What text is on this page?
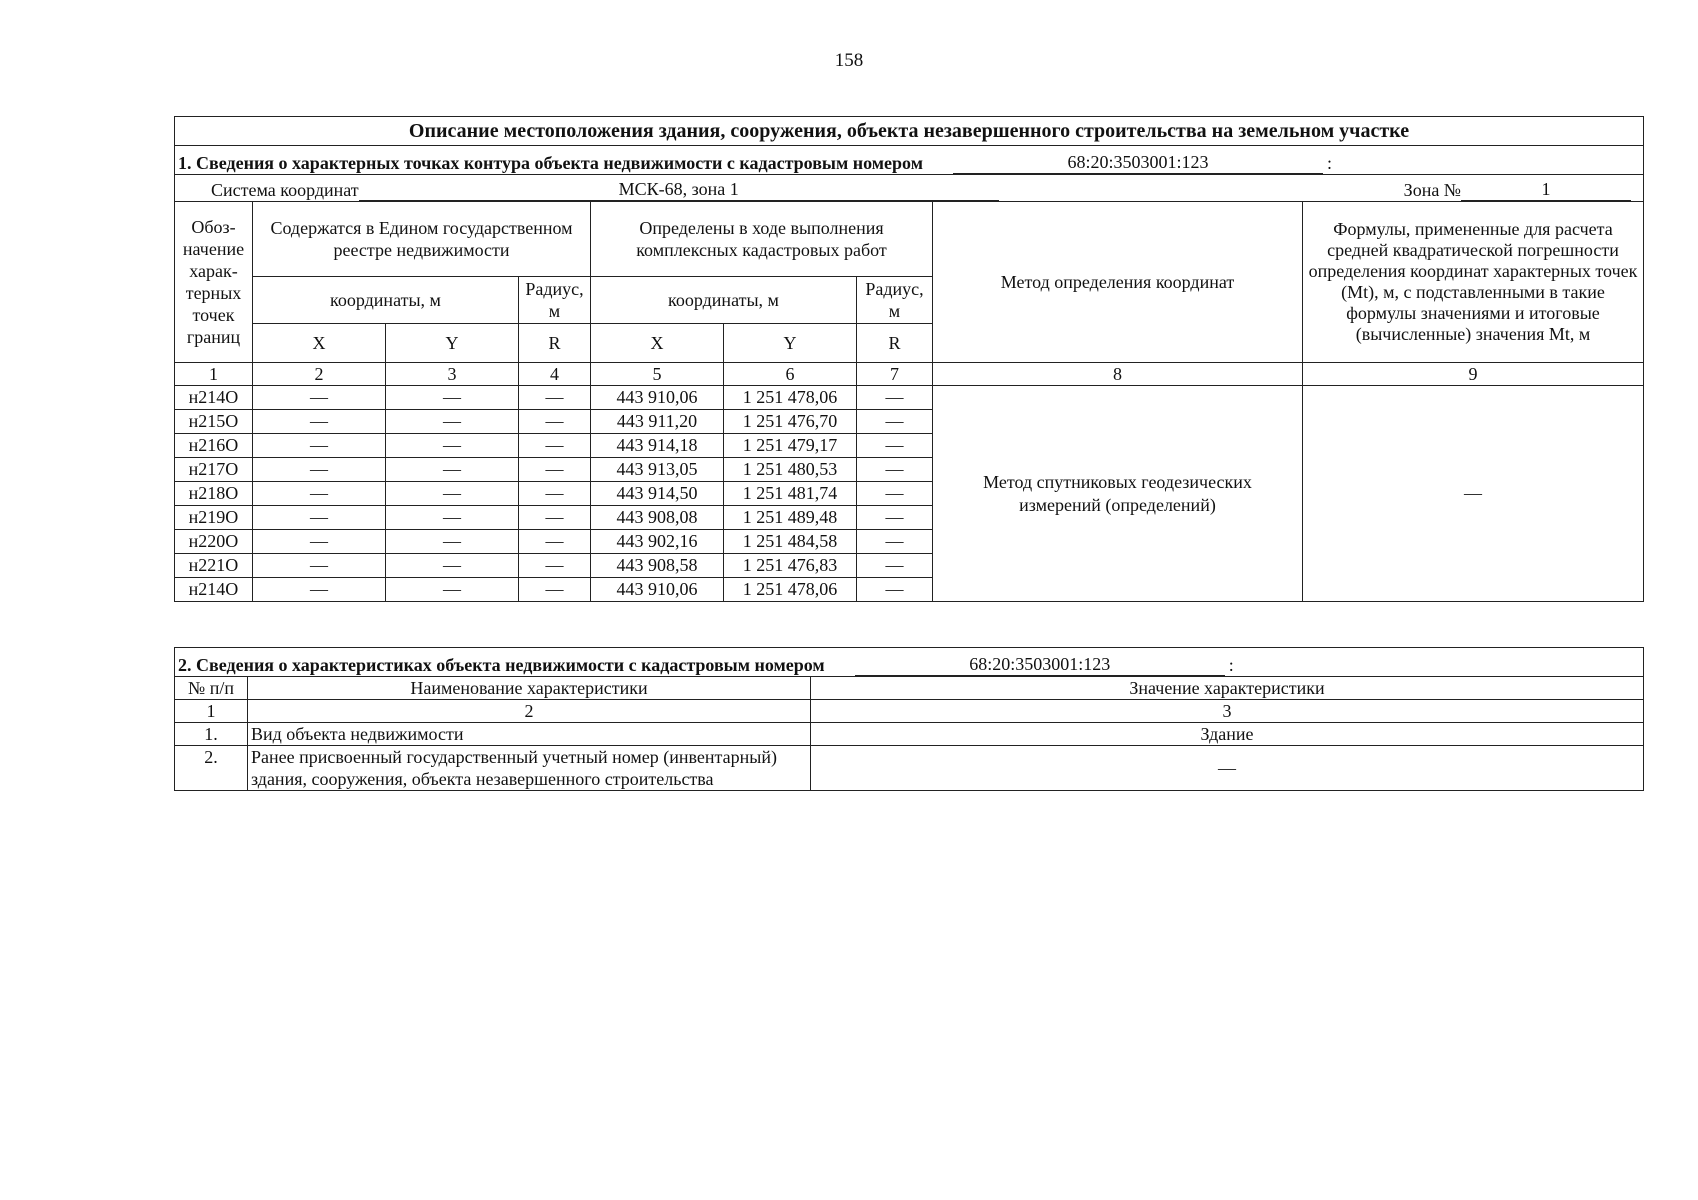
158
Описание местоположения здания, сооружения, объекта незавершенного строительства на земельном участке								

1. Сведения о характерных точках контура объекта недвижимости с кадастровым номером 68:20:3503001:123 :								

Система координат МСК-68, зона 1 Зона № 1								

Обоз-начение харак-терных точек границ	Содержатся в Едином государственном реестре недвижимости			Определены в ходе выполнения комплексных кадастровых работ			Метод определения координат	Формулы, примененные для расчета средней квадратической погрешности определения координат характерных точек (Mt), м, с подставленными в такие формулы значениями и итоговые (вычисленные) значения Mt, м
	координаты, м		Радиус, м	координаты, м		Радиус, м		
	X	Y	R	X	Y	R		
1	2	3	4	5	6	7	8	9
н214О	—	—	—	443 910,06	1 251 478,06	—	Метод спутниковых геодезических измерений (определений)	—
н215О	—	—	—	443 911,20	1 251 476,70	—		
н216О	—	—	—	443 914,18	1 251 479,17	—		
н217О	—	—	—	443 913,05	1 251 480,53	—		
н218О	—	—	—	443 914,50	1 251 481,74	—		
н219О	—	—	—	443 908,08	1 251 489,48	—		
н220О	—	—	—	443 902,16	1 251 484,58	—		
н221О	—	—	—	443 908,58	1 251 476,83	—		
н214О	—	—	—	443 910,06	1 251 478,06	—		
2. Сведения о характеристиках объекта недвижимости с кадастровым номером 68:20:3503001:123 :		

№ п/п	Наименование характеристики	Значение характеристики
1	2	3
1.	Вид объекта недвижимости	Здание
2.	Ранее присвоенный государственный учетный номер (инвентарный) здания, сооружения, объекта незавершенного строительства	—
